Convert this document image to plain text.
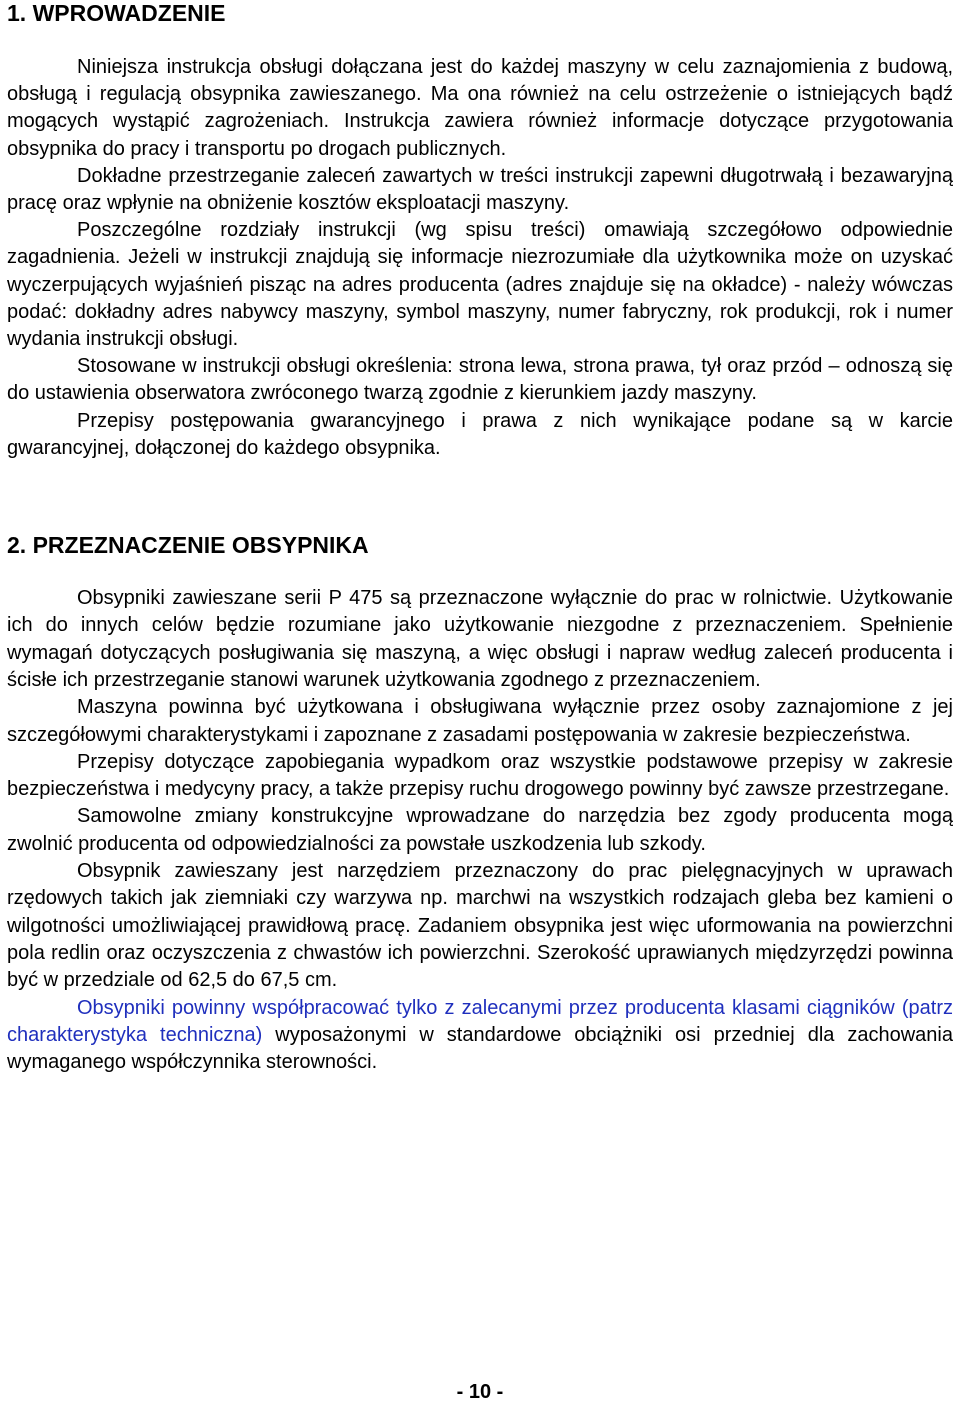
1. WPROWADZENIE

Niniejsza instrukcja obsługi dołączana jest do każdej maszyny w celu zaznajomienia z budową, obsługą i regulacją obsypnika zawieszanego. Ma ona również na celu ostrzeżenie o istniejących bądź mogących wystąpić zagrożeniach. Instrukcja zawiera również informacje dotyczące przygotowania obsypnika do pracy i transportu po drogach publicznych.

Dokładne przestrzeganie zaleceń zawartych w treści instrukcji zapewni długotrwałą i bezawaryjną pracę oraz wpłynie na obniżenie kosztów eksploatacji maszyny.

Poszczególne rozdziały instrukcji (wg spisu treści) omawiają szczegółowo odpowiednie zagadnienia. Jeżeli w instrukcji znajdują się informacje niezrozumiałe dla użytkownika może on uzyskać wyczerpujących wyjaśnień pisząc na adres producenta (adres znajduje się na okładce) - należy wówczas podać: dokładny adres nabywcy maszyny, symbol maszyny, numer fabryczny, rok produkcji, rok i numer wydania instrukcji obsługi.

Stosowane w instrukcji obsługi określenia: strona lewa, strona prawa, tył oraz przód – odnoszą się do ustawienia obserwatora zwróconego twarzą zgodnie z kierunkiem jazdy maszyny.

Przepisy postępowania gwarancyjnego i prawa z nich wynikające podane są w karcie gwarancyjnej, dołączonej do każdego obsypnika.

2. PRZEZNACZENIE OBSYPNIKA

Obsypniki zawieszane serii P 475 są przeznaczone wyłącznie do prac w rolnictwie. Użytkowanie ich do innych celów będzie rozumiane jako użytkowanie niezgodne z przeznaczeniem. Spełnienie wymagań dotyczących posługiwania się maszyną, a więc obsługi i napraw według zaleceń producenta i ścisłe ich przestrzeganie stanowi warunek użytkowania zgodnego z przeznaczeniem.

Maszyna powinna być użytkowana i obsługiwana wyłącznie przez osoby zaznajomione z jej szczegółowymi charakterystykami i zapoznane z zasadami postępowania w zakresie bezpieczeństwa.

Przepisy dotyczące zapobiegania wypadkom oraz wszystkie podstawowe przepisy w zakresie bezpieczeństwa i medycyny pracy, a także przepisy ruchu drogowego powinny być zawsze przestrzegane.

Samowolne zmiany konstrukcyjne wprowadzane do narzędzia bez zgody producenta mogą zwolnić producenta od odpowiedzialności za powstałe uszkodzenia lub szkody.

Obsypnik zawieszany jest narzędziem przeznaczony do prac pielęgnacyjnych w uprawach rzędowych takich jak ziemniaki czy warzywa np. marchwi na wszystkich rodzajach gleba bez kamieni o wilgotności umożliwiającej prawidłową pracę. Zadaniem obsypnika jest więc uformowania na powierzchni pola redlin oraz oczyszczenia z chwastów ich powierzchni. Szerokość uprawianych międzyrzędzi powinna być w przedziale od 62,5 do 67,5 cm.

Obsypniki powinny współpracować tylko z zalecanymi przez producenta klasami ciągników (patrz charakterystyka techniczna) wyposażonymi w standardowe obciążniki osi przedniej dla zachowania wymaganego współczynnika sterowności.

- 10 -
